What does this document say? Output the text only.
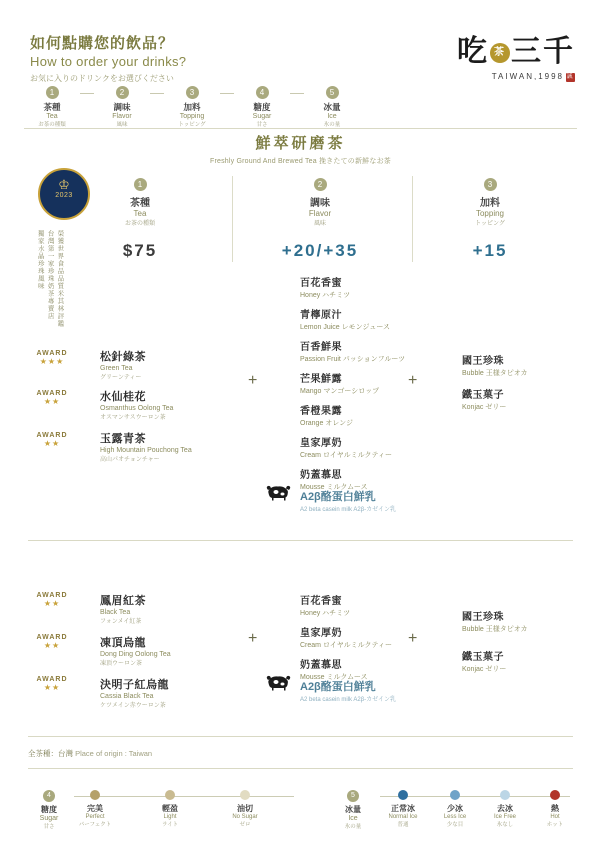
如何點購您的飲品？
How to order your drinks?
お気に入りのドリンクをお選びください
吃 茶 三千
TAIWAN,1998 誠
1
茶種
Tea
お茶の種類
2
調味
Flavor
風味
3
加料
Topping
トッピング
4
糖度
Sugar
甘さ
5
冰量
Ice
氷の量
鮮萃研磨茶
Freshly Ground And Brewed Tea 挽きたての新鮮なお茶
♔
2023
獨家水晶珍珠風味 台灣第一家珍珠奶茶專賣店 榮獲世界食品品質米其林評鑑
1
茶種
Tea
お茶の種類
$75
2
調味
Flavor
風味
+20/+35
3
加料
Topping
トッピング
+15
AWARD
★★★	松針綠茶
Green Tea
グリーンティー
AWARD
★★	水仙桂花
Osmanthus Oolong Tea
オスマンサスウーロン茶
AWARD
★★	玉露青茶
High Mountain Pouchong Tea
高山パオチョンチャー
+	+
百花香蜜
Honey ハチミツ
青檸原汁
Lemon Juice レモンジュース
百香鮮果
Passion Fruit パッションフルーツ
芒果鮮露
Mango マンゴーシロップ
香橙果露
Orange オレンジ
皇家厚奶
Cream ロイヤルミルクティー
奶蓋慕思
Mousse ミルクムース
A2β酪蛋白鮮乳
A2 beta casein milk A2β-カゼイン乳
國王珍珠
Bubble 王様タピオカ
鐵玉菓子
Konjac ゼリー
AWARD
★★	鳳眉紅茶
Black Tea
フォンメイ紅茶
AWARD
★★	凍頂烏龍
Dong Ding Oolong Tea
凍頂ウーロン茶
AWARD
★★	決明子紅烏龍
Cassia Black Tea
ケツメイン赤ウーロン茶
+	+
百花香蜜
Honey ハチミツ
皇家厚奶
Cream ロイヤルミルクティー
奶蓋慕思
Mousse ミルクムース
A2β酪蛋白鮮乳
A2 beta casein milk A2β-カゼイン乳
國王珍珠
Bubble 王様タピオカ
鐵玉菓子
Konjac ゼリー
全茶種：台灣 Place of origin : Taiwan
4
糖度
Sugar
甘さ
完美
Perfect
パーフェクト
輕盈
Light
ライト
油切
No Sugar
ゼロ
5
冰量
Ice
氷の量
正常冰
Normal Ice
普通
少冰
Less Ice
少な目
去冰
Ice Free
氷なし
熱
Hot
ホット
